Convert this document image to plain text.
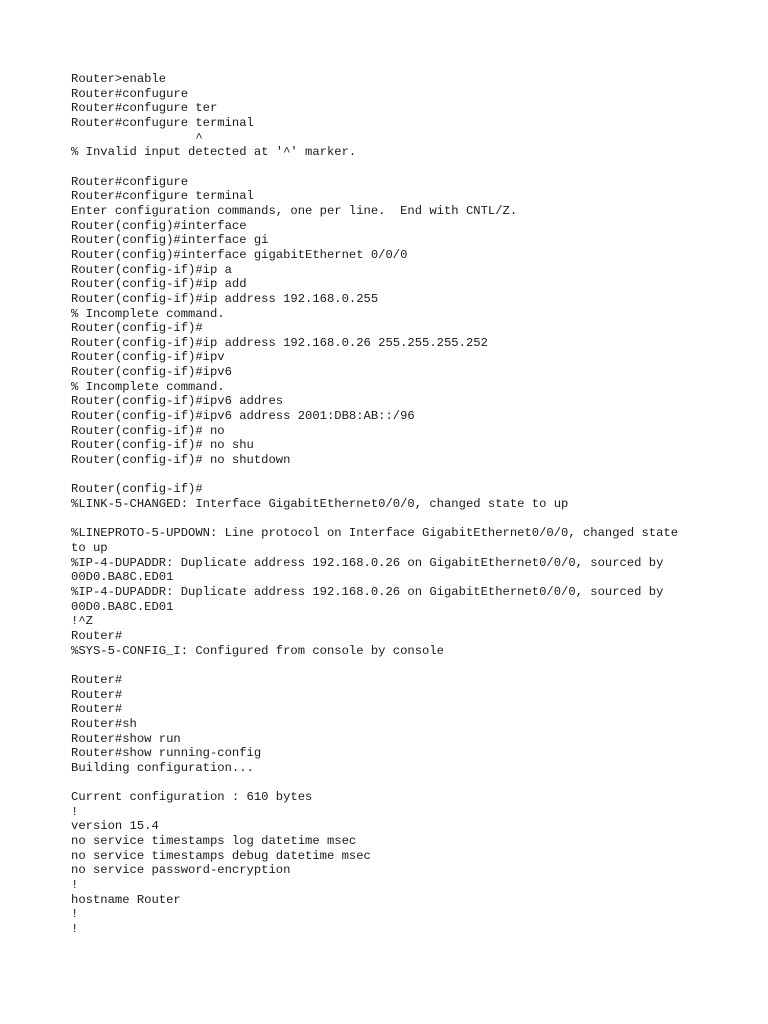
Router>enable
Router#confugure
Router#confugure ter
Router#confugure terminal
^
% Invalid input detected at '^' marker.
Router#configure
Router#configure terminal
Enter configuration commands, one per line.  End with CNTL/Z.
Router(config)#interface
Router(config)#interface gi
Router(config)#interface gigabitEthernet 0/0/0
Router(config-if)#ip a
Router(config-if)#ip add
Router(config-if)#ip address 192.168.0.255
% Incomplete command.
Router(config-if)#
Router(config-if)#ip address 192.168.0.26 255.255.255.252
Router(config-if)#ipv
Router(config-if)#ipv6
% Incomplete command.
Router(config-if)#ipv6 addres
Router(config-if)#ipv6 address 2001:DB8:AB::/96
Router(config-if)# no
Router(config-if)# no shu
Router(config-if)# no shutdown
Router(config-if)#
%LINK-5-CHANGED: Interface GigabitEthernet0/0/0, changed state to up
%LINEPROTO-5-UPDOWN: Line protocol on Interface GigabitEthernet0/0/0, changed state
to up
%IP-4-DUPADDR: Duplicate address 192.168.0.26 on GigabitEthernet0/0/0, sourced by
00D0.BA8C.ED01
%IP-4-DUPADDR: Duplicate address 192.168.0.26 on GigabitEthernet0/0/0, sourced by
00D0.BA8C.ED01
!^Z
Router#
%SYS-5-CONFIG_I: Configured from console by console
Router#
Router#
Router#
Router#sh
Router#show run
Router#show running-config
Building configuration...
Current configuration : 610 bytes
!
version 15.4
no service timestamps log datetime msec
no service timestamps debug datetime msec
no service password-encryption
!
hostname Router
!
!
